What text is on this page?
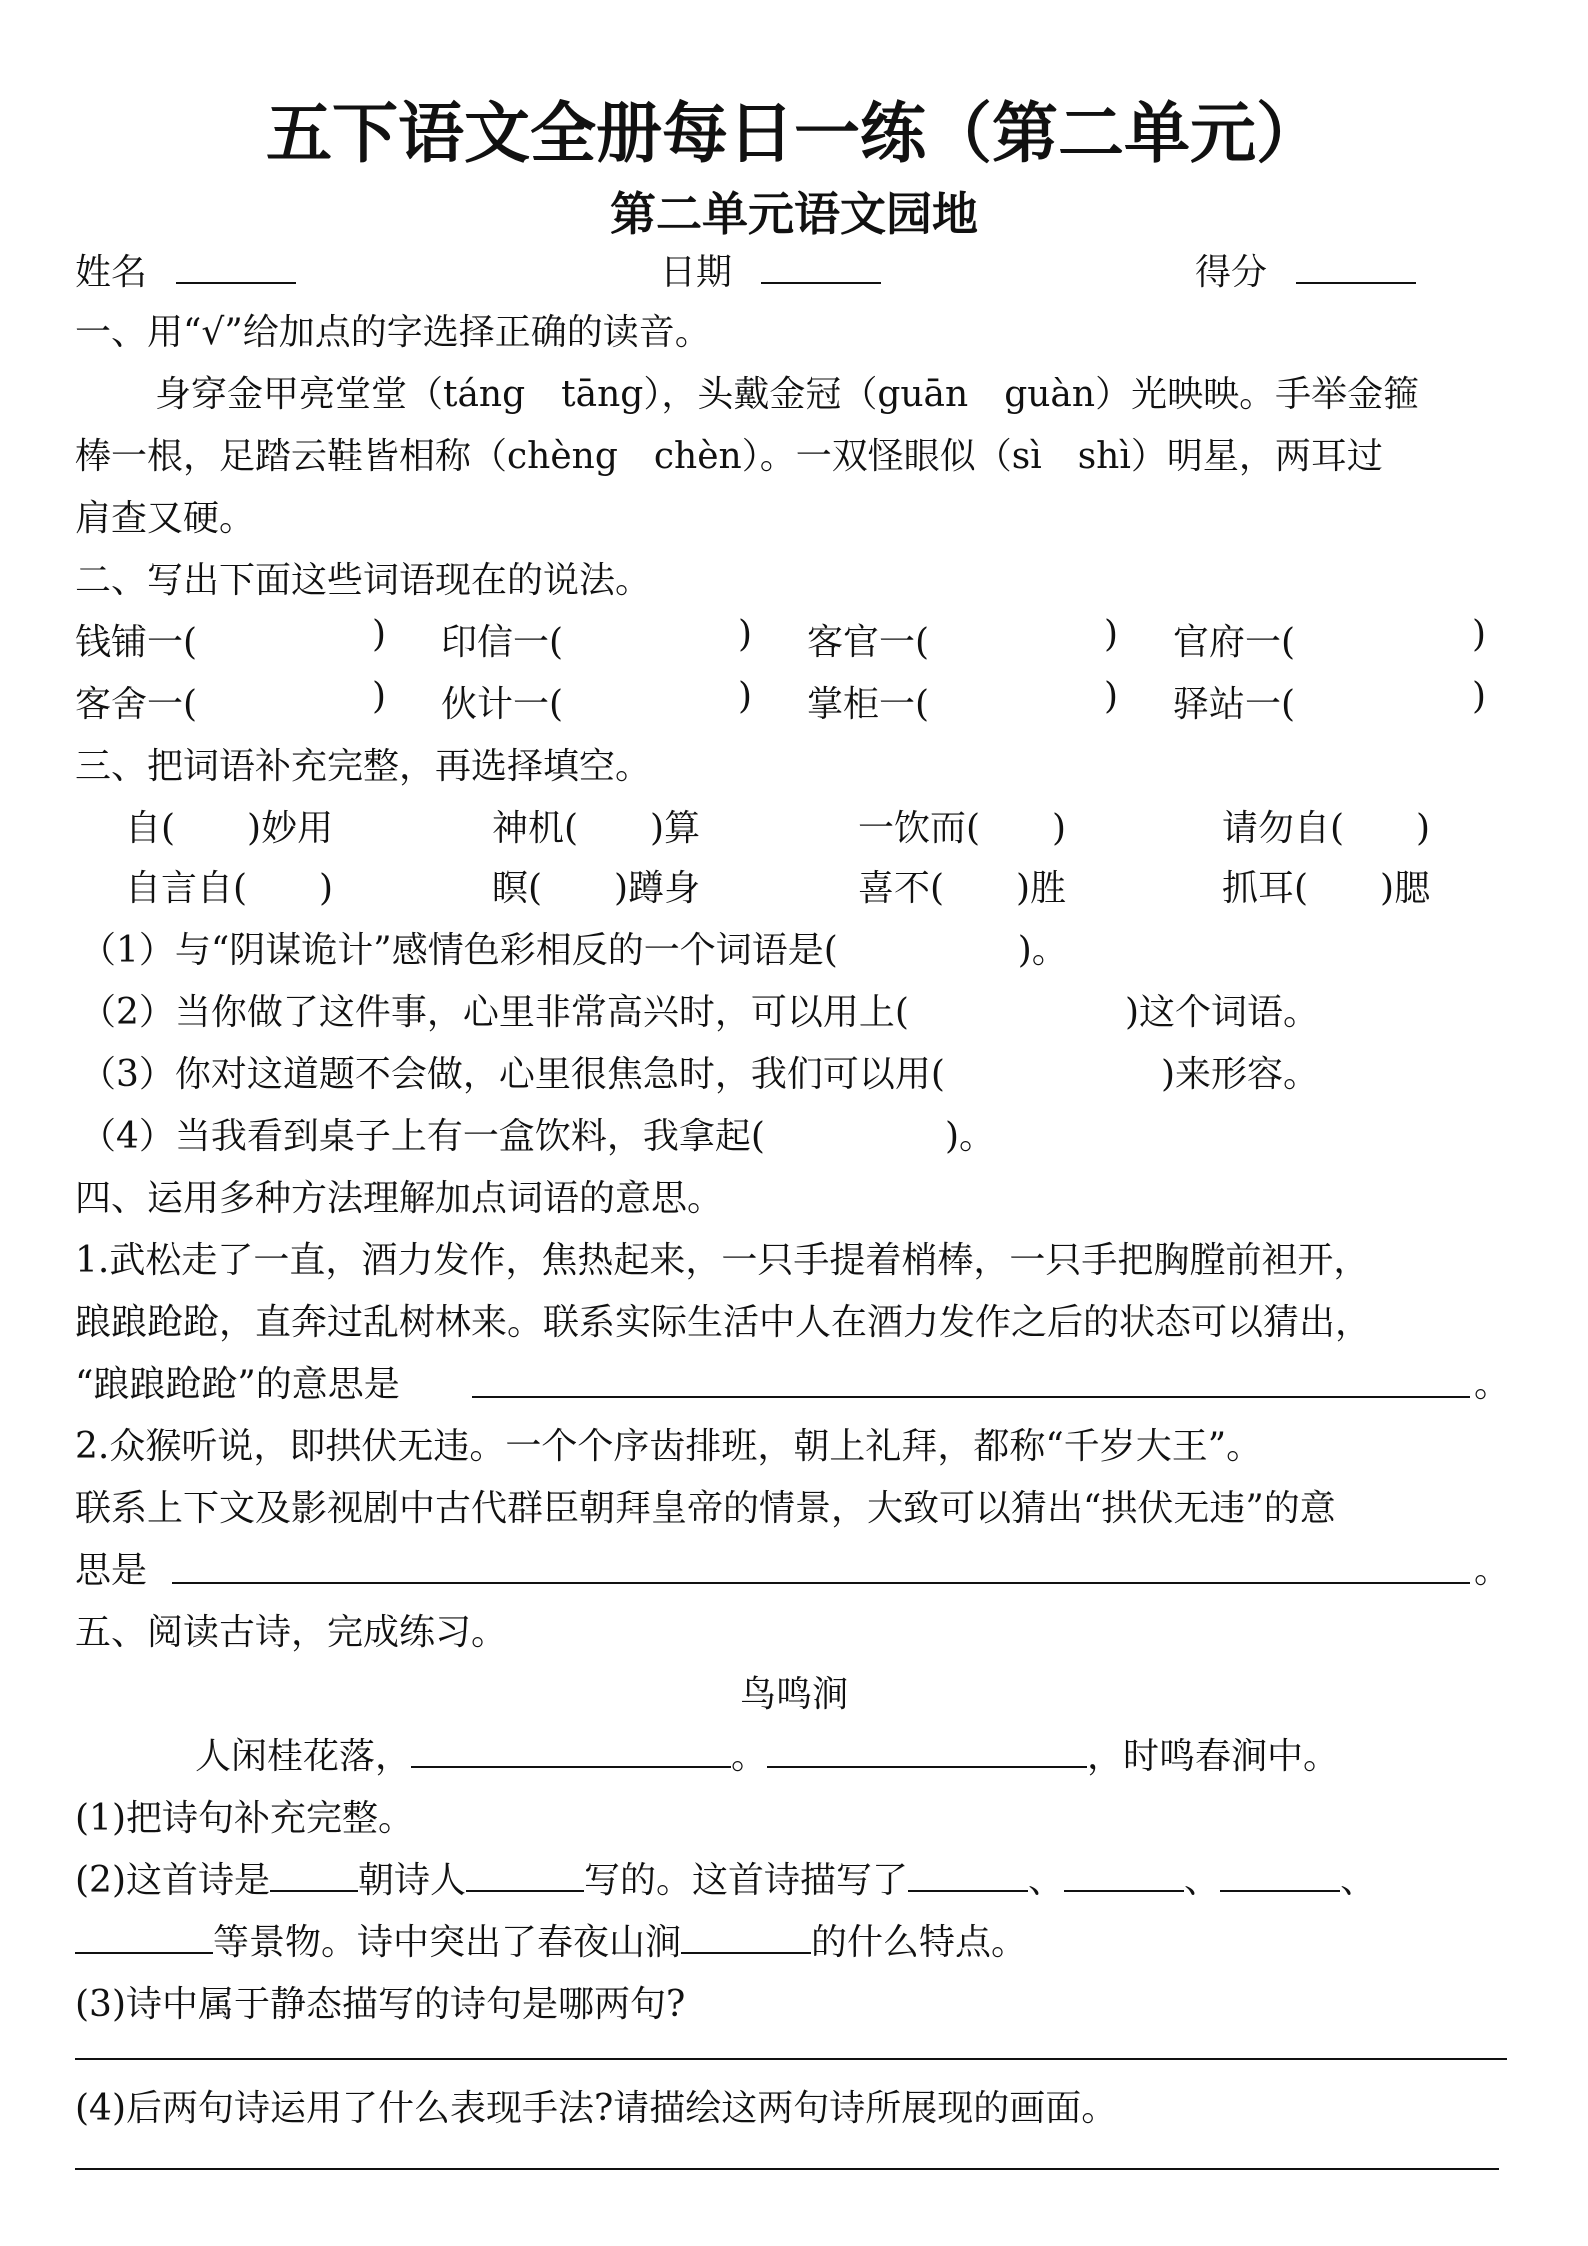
五下语文全册每日一练（第二单元）
第二单元语文园地
姓名	日期	得分
一、用“√”给加点的字选择正确的读音。
身穿金甲亮堂堂（táng　tāng），头戴金冠（guān　guàn）光映映。手举金箍
棒一根，足踏云鞋皆相称（chèng　chèn）。一双怪眼似（sì　shì）明星，两耳过
肩查又硬。
二、写出下面这些词语现在的说法。
钱铺一(	) 印信一(	) 客官一(	) 官府一(	)
客舍一(	) 伙计一(	) 掌柜一(	) 驿站一(	)
三、把词语补充完整，再选择填空。
自(　　)妙用	神机(　　)算	一饮而(　　)	请勿自(　　)
自言自(　　)	瞑(　　)蹲身	喜不(　　)胜	抓耳(　　)腮
（1）与“阴谋诡计”感情色彩相反的一个词语是(　　　　　)。
（2）当你做了这件事，心里非常高兴时，可以用上(　　　　　　)这个词语。
（3）你对这道题不会做，心里很焦急时，我们可以用(　　　　　　)来形容。
（4）当我看到桌子上有一盒饮料，我拿起(　　　　　)。
四、运用多种方法理解加点词语的意思。
1.武松走了一直，酒力发作，焦热起来，一只手提着梢棒，一只手把胸膛前袒开，
踉踉跄跄，直奔过乱树林来。联系实际生活中人在酒力发作之后的状态可以猜出，
“踉踉跄跄”的意思是	。
2.众猴听说，即拱伏无违。一个个序齿排班，朝上礼拜，都称“千岁大王”。
联系上下文及影视剧中古代群臣朝拜皇帝的情景，大致可以猜出“拱伏无违”的意
思是	。
五、阅读古诗，完成练习。
鸟鸣涧
人闲桂花落，	。	，时鸣春涧中。
(1)把诗句补充完整。
(2)这首诗是 朝诗人	写的。这首诗描写了	、	、	、
等景物。诗中突出了春夜山涧	的什么特点。
(3)诗中属于静态描写的诗句是哪两句?
(4)后两句诗运用了什么表现手法?请描绘这两句诗所展现的画面。
